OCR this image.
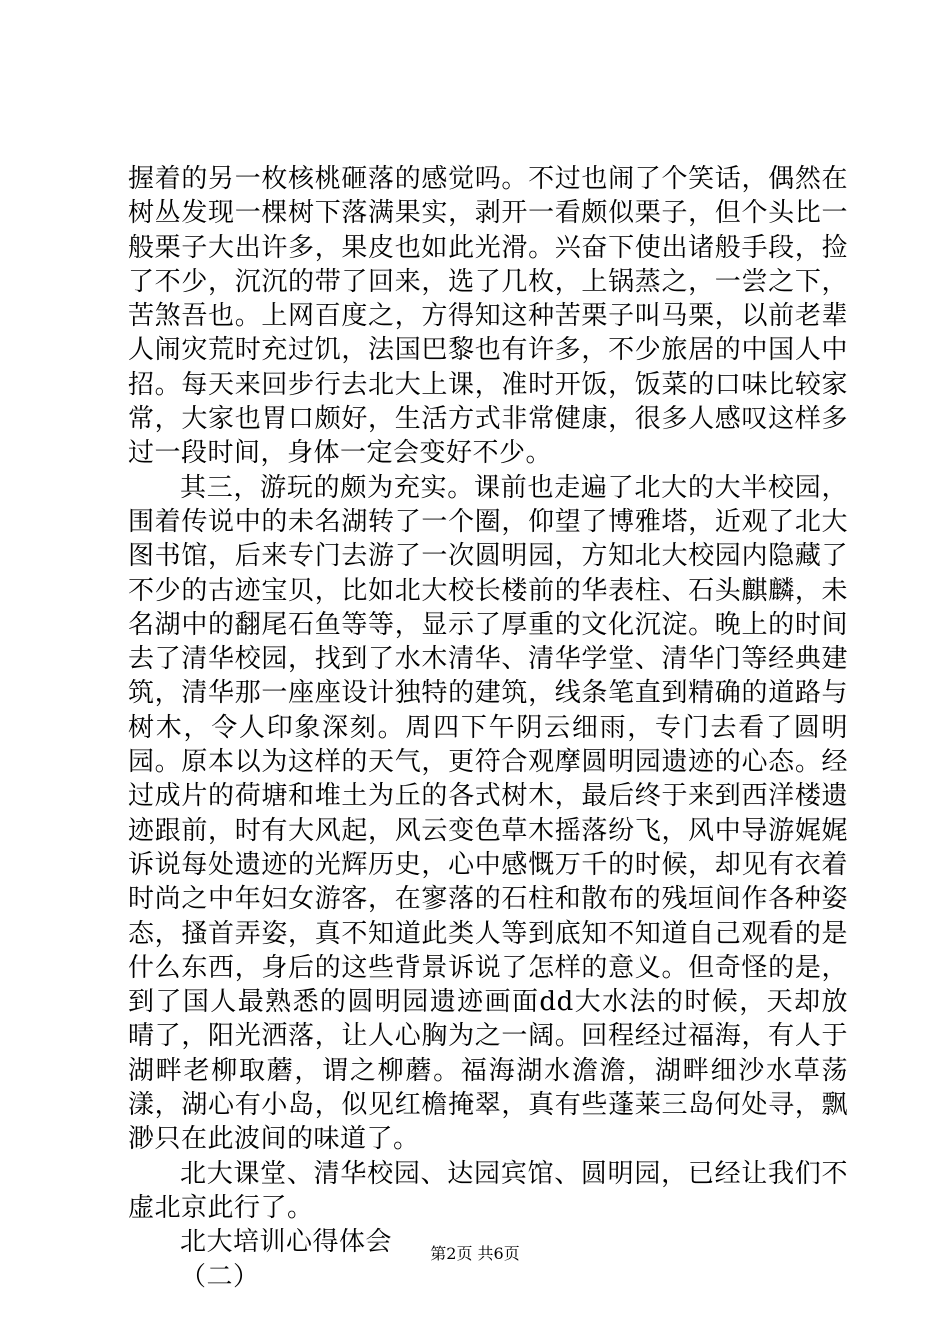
握着的另一枚核桃砸落的感觉吗。不过也闹了个笑话，偶然在树丛发现一棵树下落满果实，剥开一看颇似栗子，但个头比一般栗子大出许多，果皮也如此光滑。兴奋下使出诸般手段，捡了不少，沉沉的带了回来，选了几枚，上锅蒸之，一尝之下，苦煞吾也。上网百度之，方得知这种苦栗子叫马栗，以前老辈人闹灾荒时充过饥，法国巴黎也有许多，不少旅居的中国人中招。每天来回步行去北大上课，准时开饭，饭菜的口味比较家常，大家也胃口颇好，生活方式非常健康，很多人感叹这样多过一段时间，身体一定会变好不少。

其三，游玩的颇为充实。课前也走遍了北大的大半校园，围着传说中的未名湖转了一个圈，仰望了博雅塔，近观了北大图书馆，后来专门去游了一次圆明园，方知北大校园内隐藏了不少的古迹宝贝，比如北大校长楼前的华表柱、石头麒麟，未名湖中的翻尾石鱼等等，显示了厚重的文化沉淀。晚上的时间去了清华校园，找到了水木清华、清华学堂、清华门等经典建筑，清华那一座座设计独特的建筑，线条笔直到精确的道路与树木，令人印象深刻。周四下午阴云细雨，专门去看了圆明园。原本以为这样的天气，更符合观摩圆明园遗迹的心态。经过成片的荷塘和堆土为丘的各式树木，最后终于来到西洋楼遗迹跟前，时有大风起，风云变色草木摇落纷飞，风中导游娓娓诉说每处遗迹的光辉历史，心中感慨万千的时候，却见有衣着时尚之中年妇女游客，在寥落的石柱和散布的残垣间作各种姿态，搔首弄姿，真不知道此类人等到底知不知道自己观看的是什么东西，身后的这些背景诉说了怎样的意义。但奇怪的是，到了国人最熟悉的圆明园遗迹画面dd大水法的时候，天却放晴了，阳光洒落，让人心胸为之一阔。回程经过福海，有人于湖畔老柳取蘑，谓之柳蘑。福海湖水澹澹，湖畔细沙水草荡漾，湖心有小岛，似见红檐掩翠，真有些蓬莱三岛何处寻，飘渺只在此波间的味道了。

北大课堂、清华校园、达园宾馆、圆明园，已经让我们不虚北京此行了。

北大培训心得体会

（二）

第2页 共6页
